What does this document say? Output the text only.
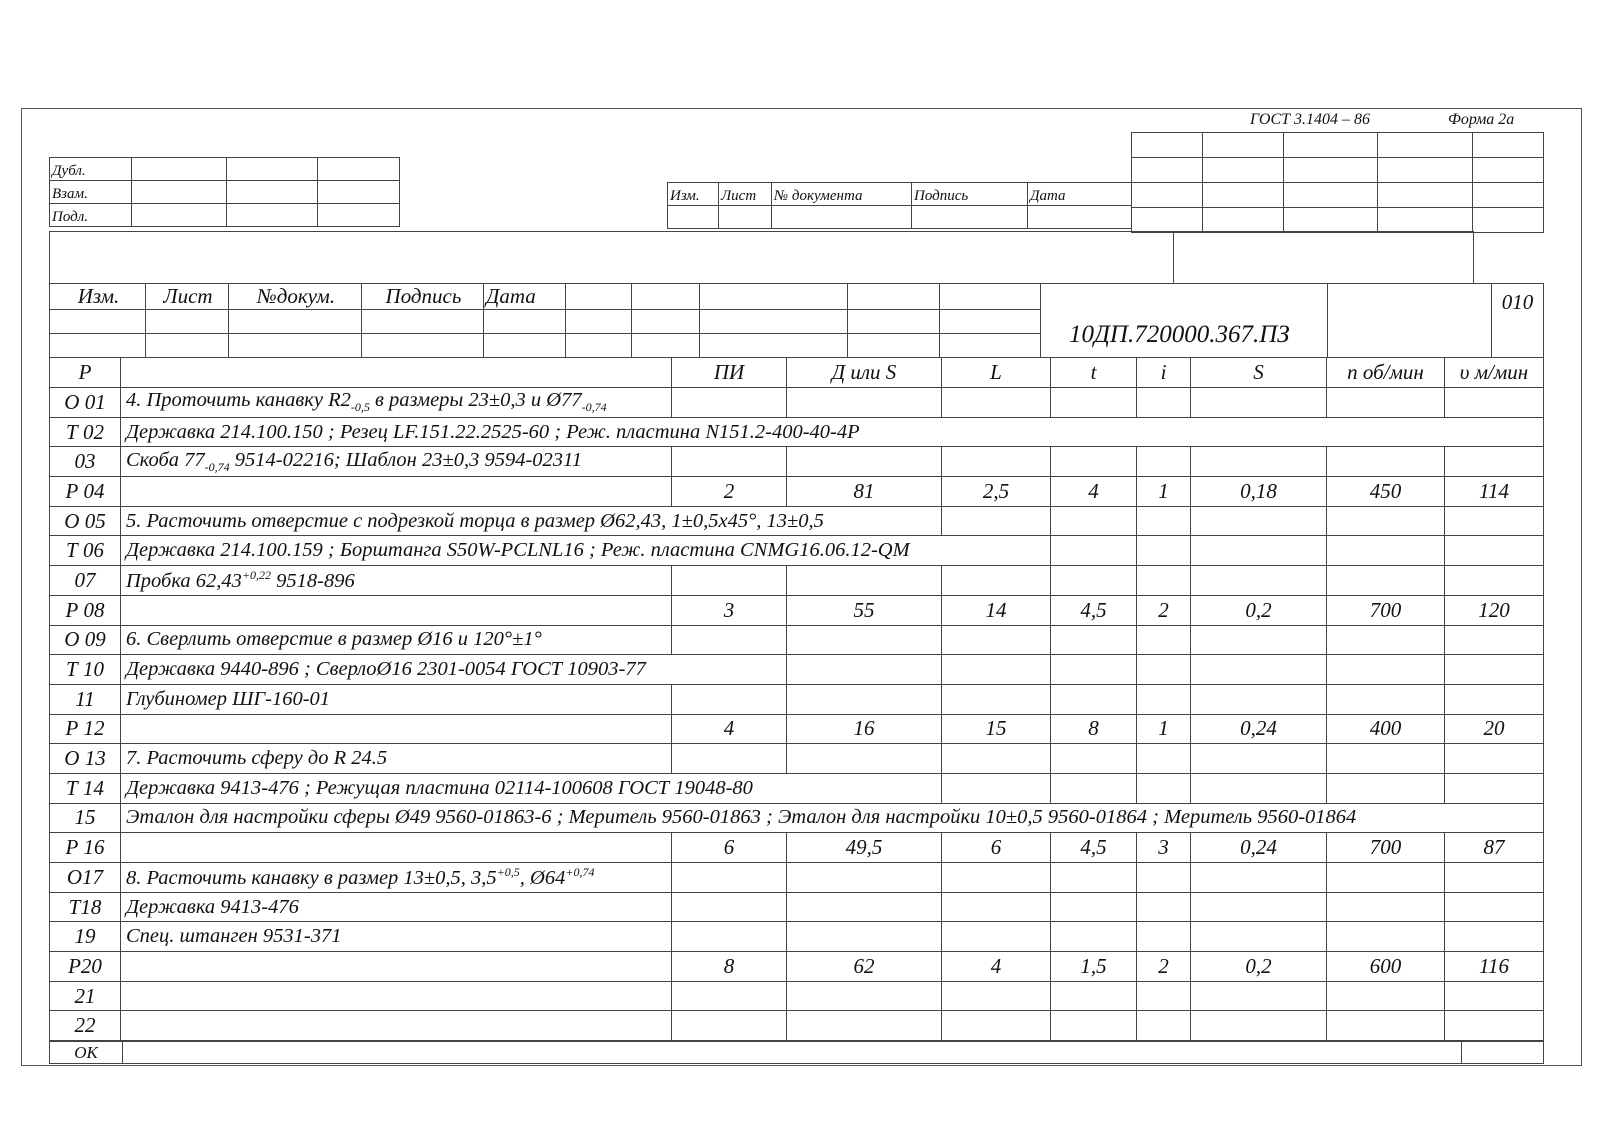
ГОСТ 3.1404 – 86	Форма 2а

Дубл.			
Взам.			
Подл.			
Изм.	Лист	№ документа	Подпись	Дата

Изм.	Лист	№докум.	Подпись	Дата					

10ДП.720000.367.ПЗ		010
Р		ПИ	Д или S	L	t	i	S	n об/мин	υ м/мин
О 01	4. Проточить канавку $R2_{-0,5}$ в размеры 23±0,3 и $Ø77_{-0,74}$								
Т 02	Державка 214.100.150 ; Резец LF.151.22.2525-60 ; Реж. пластина N151.2-400-40-4Р								
03	Скоба $77_{-0,74}$ 9514-02216; Шаблон 23±0,3 9594-02311								
Р 04		2	81	2,5	4	1	0,18	450	114
О 05	5. Расточить отверстие с подрезкой торца в размер Ø62,43, 1±0,5х45°, 13±0,5								
Т 06	Державка 214.100.159 ; Борштанга S50W-PCLNL16 ; Реж. пластина CNMG16.06.12-QM								
07	Пробка $62,43^{+0,22}$ 9518-896								
Р 08		3	55	14	4,5	2	0,2	700	120
О 09	6. Сверлить отверстие в размер Ø16 и 120°±1°								
Т 10	Державка 9440-896 ; СверлоØ16 2301-0054 ГОСТ 10903-77								
11	Глубиномер ШГ-160-01								
Р 12		4	16	15	8	1	0,24	400	20
О 13	7. Расточить сферу до R 24.5								
Т 14	Державка 9413-476 ; Режущая пластина 02114-100608 ГОСТ 19048-80								
15	Эталон для настройки сферы Ø49 9560-01863-6 ; Меритель 9560-01863 ; Эталон для настройки 10±0,5 9560-01864 ; Меритель 9560-01864								
Р 16		6	49,5	6	4,5	3	0,24	700	87
О17	8. Расточить канавку в размер 13±0,5, $3,5^{+0,5}$, $Ø64^{+0,74}$								
Т18	Державка 9413-476								
19	Спец. штанген 9531-371								
Р20		8	62	4	1,5	2	0,2	600	116
21									
22									
ОК		
